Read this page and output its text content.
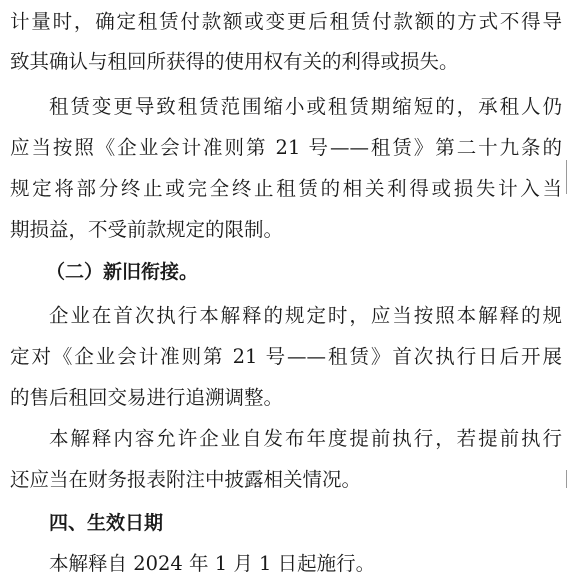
计量时，确定租赁付款额或变更后租赁付款额的方式不得导
致其确认与租回所获得的使用权有关的利得或损失。
租赁变更导致租赁范围缩小或租赁期缩短的，承租人仍
应当按照《企业会计准则第 21 号——租赁》第二十九条的
规定将部分终止或完全终止租赁的相关利得或损失计入当
期损益，不受前款规定的限制。
（二）新旧衔接。
企业在首次执行本解释的规定时，应当按照本解释的规
定对《企业会计准则第 21 号——租赁》首次执行日后开展
的售后租回交易进行追溯调整。
本解释内容允许企业自发布年度提前执行，若提前执行
还应当在财务报表附注中披露相关情况。
四、生效日期
本解释自 2024 年 1 月 1 日起施行。
